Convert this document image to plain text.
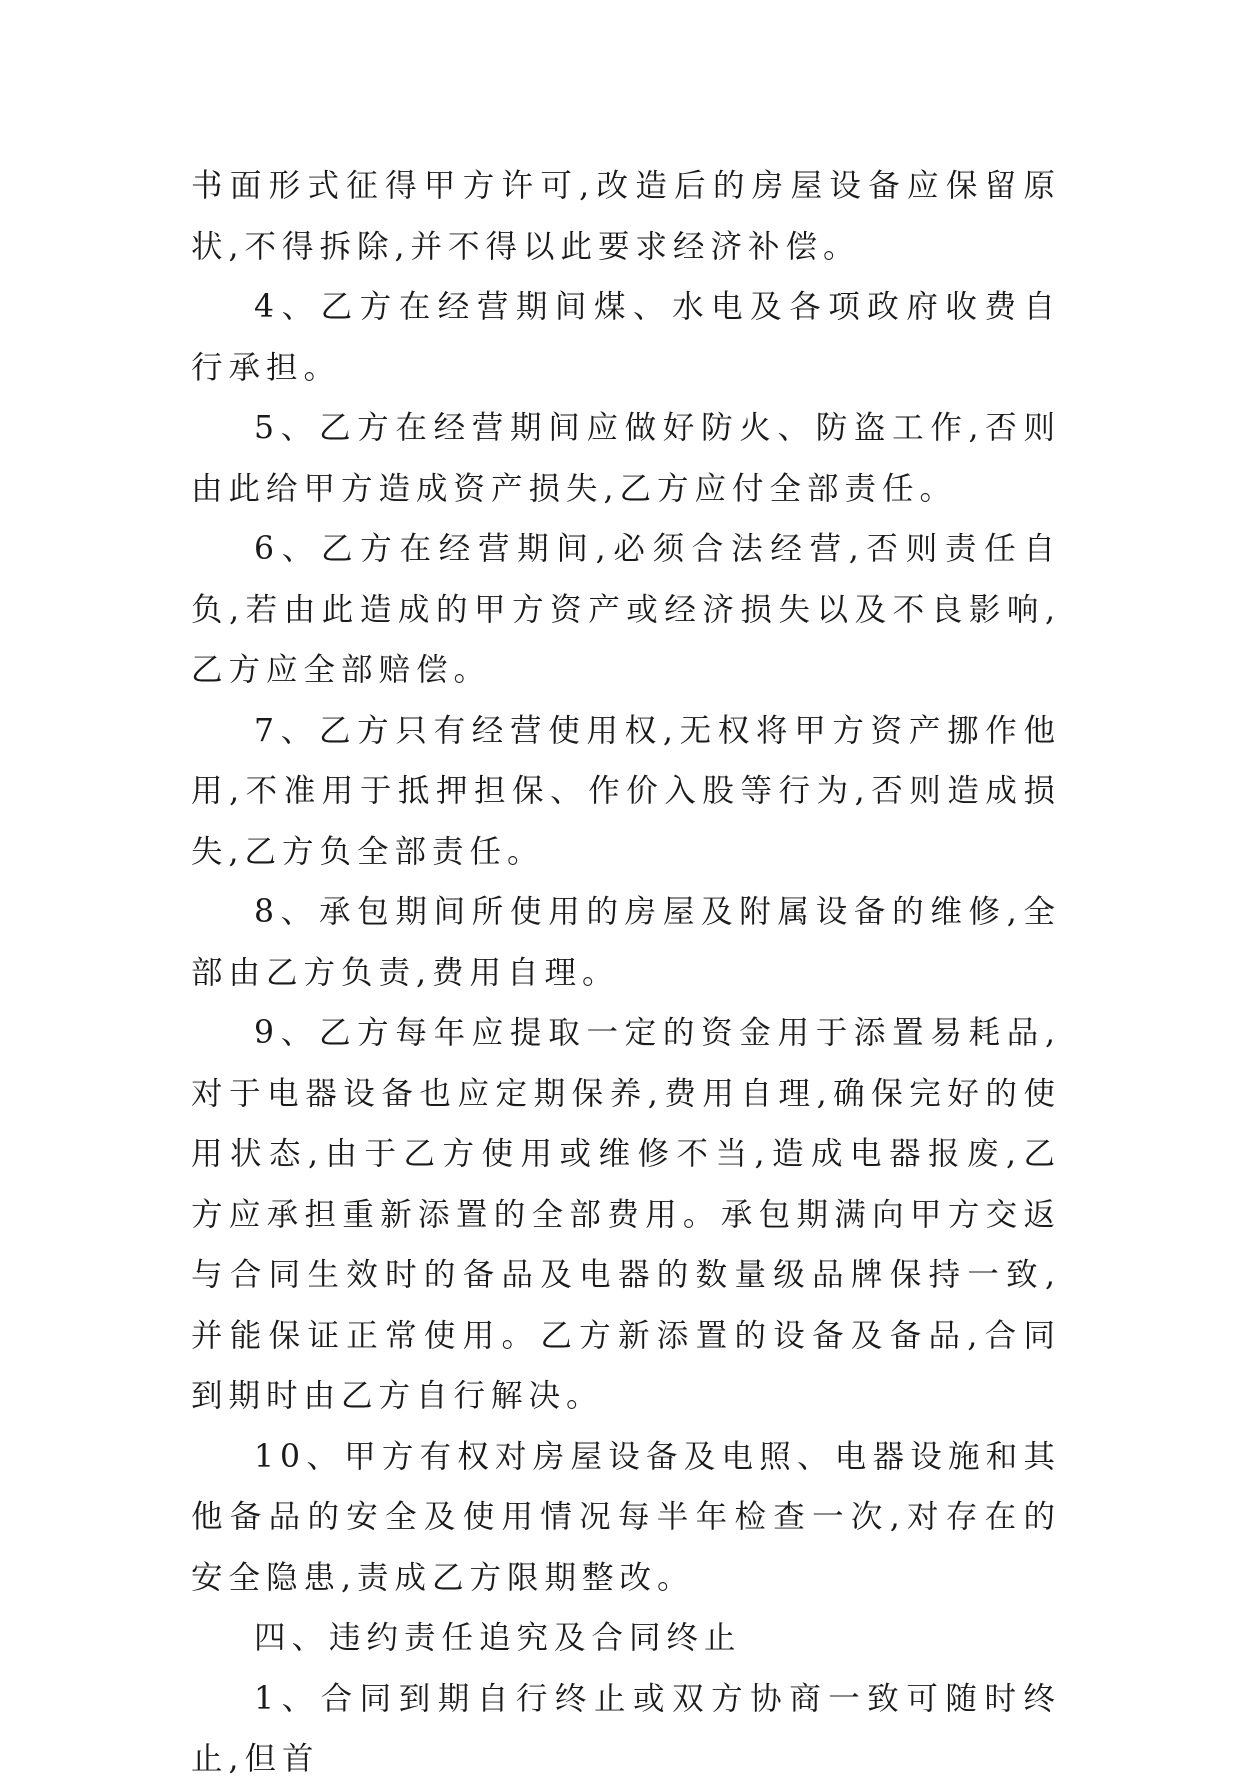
书面形式征得甲方许可,改造后的房屋设备应保留原状,不得拆除,并不得以此要求经济补偿。

4、乙方在经营期间煤、水电及各项政府收费自行承担。

5、乙方在经营期间应做好防火、防盗工作,否则由此给甲方造成资产损失,乙方应付全部责任。

6、乙方在经营期间,必须合法经营,否则责任自负,若由此造成的甲方资产或经济损失以及不良影响,乙方应全部赔偿。

7、乙方只有经营使用权,无权将甲方资产挪作他用,不准用于抵押担保、作价入股等行为,否则造成损失,乙方负全部责任。

8、承包期间所使用的房屋及附属设备的维修,全部由乙方负责,费用自理。

9、乙方每年应提取一定的资金用于添置易耗品,对于电器设备也应定期保养,费用自理,确保完好的使用状态,由于乙方使用或维修不当,造成电器报废,乙方应承担重新添置的全部费用。承包期满向甲方交返与合同生效时的备品及电器的数量级品牌保持一致,并能保证正常使用。乙方新添置的设备及备品,合同到期时由乙方自行解决。

10、甲方有权对房屋设备及电照、电器设施和其他备品的安全及使用情况每半年检查一次,对存在的安全隐患,责成乙方限期整改。

四、违约责任追究及合同终止

1、合同到期自行终止或双方协商一致可随时终止,但首
